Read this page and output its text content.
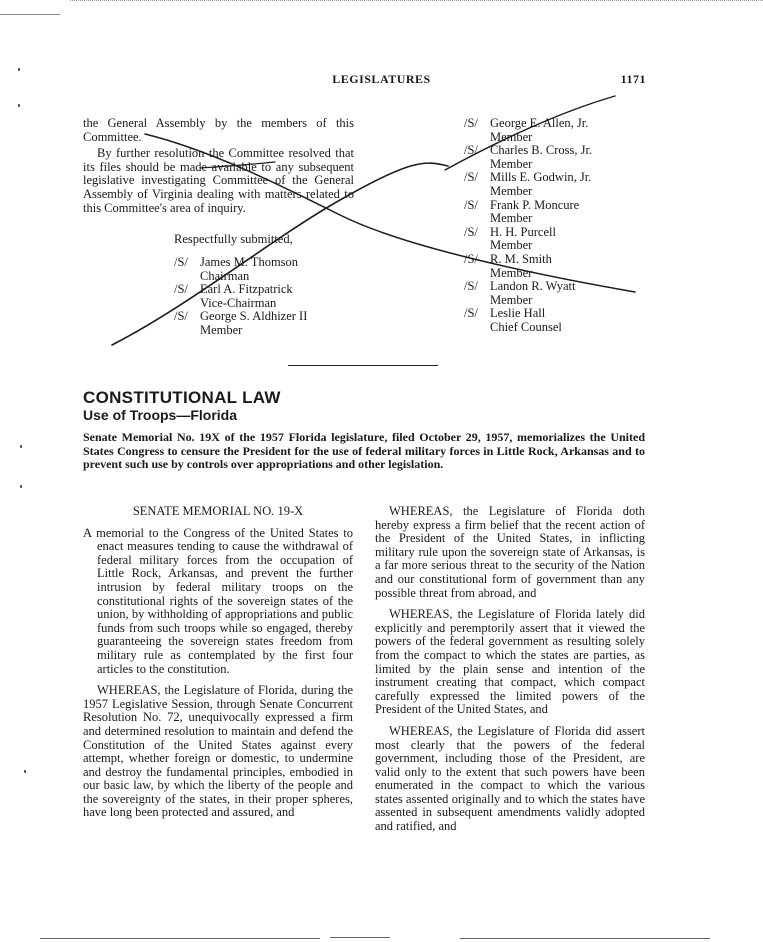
LEGISLATURES	1171

the General Assembly by the members of this Committee.

By further resolution the Committee resolved that its files should be made available to any subsequent legislative investigating Committee of the General Assembly of Virginia dealing with matters related to this Committee's area of inquiry.

Respectfully submitted,
/S/ James M. Thomson
Chairman
/S/ Earl A. Fitzpatrick
Vice-Chairman
/S/ George S. Aldhizer II
Member
/S/ George E. Allen, Jr.
Member
/S/ Charles B. Cross, Jr.
Member
/S/ Mills E. Godwin, Jr.
Member
/S/ Frank P. Moncure
Member
/S/ H. H. Purcell
Member
/S/ R. M. Smith
Member
/S/ Landon R. Wyatt
Member
/S/ Leslie Hall
Chief Counsel
CONSTITUTIONAL LAW
Use of Troops—Florida
Senate Memorial No. 19X of the 1957 Florida legislature, filed October 29, 1957, memorializes the United States Congress to censure the President for the use of federal military forces in Little Rock, Arkansas and to prevent such use by controls over appropriations and other legislation.
SENATE MEMORIAL NO. 19-X

A memorial to the Congress of the United States to enact measures tending to cause the withdrawal of federal military forces from the occupation of Little Rock, Arkansas, and prevent the further intrusion by federal military troops on the constitutional rights of the sovereign states of the union, by withholding of appropriations and public funds from such troops while so engaged, thereby guaranteeing the sovereign states freedom from military rule as contemplated by the first four articles to the constitution.

WHEREAS, the Legislature of Florida, during the 1957 Legislative Session, through Senate Concurrent Resolution No. 72, unequivocally expressed a firm and determined resolution to maintain and defend the Constitution of the United States against every attempt, whether foreign or domestic, to undermine and destroy the fundamental principles, embodied in our basic law, by which the liberty of the people and the sovereignty of the states, in their proper spheres, have long been protected and assured, and

WHEREAS, the Legislature of Florida doth hereby express a firm belief that the recent action of the President of the United States, in inflicting military rule upon the sovereign state of Arkansas, is a far more serious threat to the security of the Nation and our constitutional form of government than any possible threat from abroad, and

WHEREAS, the Legislature of Florida lately did explicitly and peremptorily assert that it viewed the powers of the federal government as resulting solely from the compact to which the states are parties, as limited by the plain sense and intention of the instrument creating that compact, which compact carefully expressed the limited powers of the President of the United States, and

WHEREAS, the Legislature of Florida did assert most clearly that the powers of the federal government, including those of the President, are valid only to the extent that such powers have been enumerated in the compact to which the various states assented originally and to which the states have assented in subsequent amendments validly adopted and ratified, and
